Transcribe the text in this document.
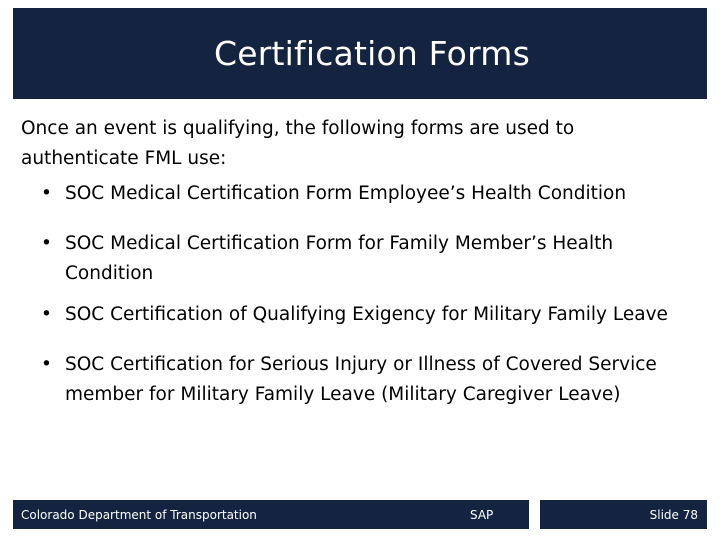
Certification Forms
Once an event is qualifying, the following forms are used to authenticate FML use:
• SOC Medical Certification Form Employee’s Health Condition
• SOC Medical Certification Form for Family Member’s Health Condition
• SOC Certification of Qualifying Exigency for Military Family Leave
• SOC Certification for Serious Injury or Illness of Covered Service member for Military Family Leave (Military Caregiver Leave)
Colorado Department of Transportation	SAP	Slide 78
